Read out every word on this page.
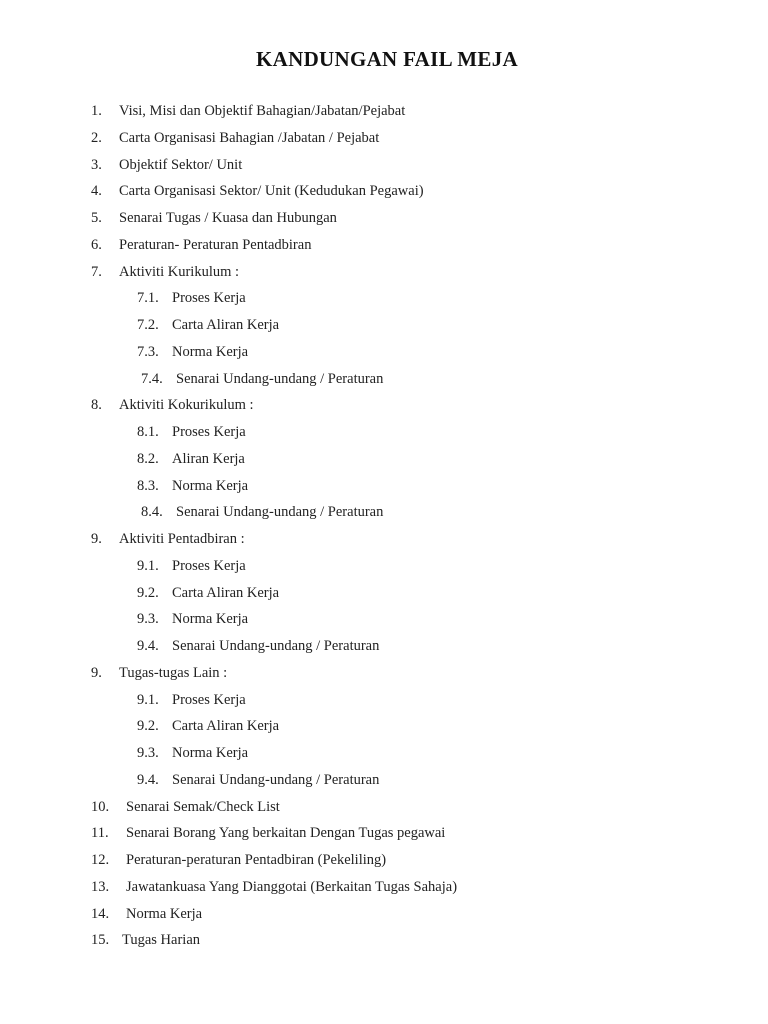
KANDUNGAN FAIL MEJA
1. Visi, Misi dan Objektif Bahagian/Jabatan/Pejabat
2. Carta Organisasi Bahagian /Jabatan / Pejabat
3. Objektif Sektor/ Unit
4. Carta Organisasi Sektor/ Unit (Kedudukan Pegawai)
5. Senarai Tugas / Kuasa dan Hubungan
6. Peraturan- Peraturan Pentadbiran
7. Aktiviti Kurikulum :
7.1. Proses Kerja
7.2. Carta Aliran Kerja
7.3. Norma Kerja
7.4. Senarai Undang-undang / Peraturan
8. Aktiviti Kokurikulum :
8.1. Proses Kerja
8.2. Aliran Kerja
8.3. Norma Kerja
8.4. Senarai Undang-undang / Peraturan
9. Aktiviti Pentadbiran :
9.1. Proses Kerja
9.2. Carta Aliran Kerja
9.3. Norma Kerja
9.4. Senarai Undang-undang / Peraturan
9. Tugas-tugas Lain :
9.1. Proses Kerja
9.2. Carta Aliran Kerja
9.3. Norma Kerja
9.4. Senarai Undang-undang / Peraturan
10. Senarai Semak/Check List
11. Senarai Borang Yang berkaitan Dengan Tugas pegawai
12. Peraturan-peraturan Pentadbiran (Pekeliling)
13. Jawatankuasa Yang Dianggotai (Berkaitan Tugas Sahaja)
14. Norma Kerja
15. Tugas Harian
